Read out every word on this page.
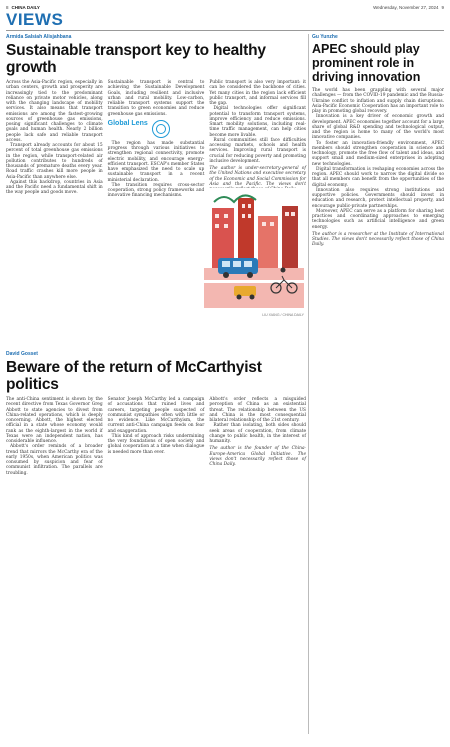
8 CHINA DAILY	Wednesday, November 27, 2024 9
VIEWS
Armida Salsiah Alisjahbana
Sustainable transport key to healthy growth

Across the Asia-Pacific region, especially in urban centers, growth and prosperity are increasingly tied to the predominant reliance on private motor vehicles, along with the changing landscape of mobility services. It also means that transport emissions are among the fastest-growing sources of greenhouse gas emissions, posing significant challenges to climate goals and human health. Nearly 2 billion people lack safe and reliable transport access.

Transport already accounts for about 15 percent of total greenhouse gas emissions in the region, while transport-related air pollution contributes to hundreds of thousands of premature deaths every year. Road traffic crashes kill more people in Asia-Pacific than anywhere else.

Against this backdrop, countries in Asia and the Pacific need a fundamental shift in the way people and goods move.

Sustainable transport is central to achieving the Sustainable Development Goals, including resilient and inclusive urban and rural mobility. Low-carbon, reliable transport systems support the transition to green economies and reduce greenhouse gas emissions.

Global Lens

The region has made substantial progress through various initiatives to strengthen regional connectivity, promote electric mobility, and encourage energy-efficient transport. ESCAP's member States have emphasized the need to scale up sustainable transport in a recent ministerial declaration.

The transition requires cross-sector cooperation, strong policy frameworks and innovative financing mechanisms.

Public transport is also very important: it can be considered the backbone of cities. Yet many cities in the region lack efficient public transport, and informal services fill the gap.

Digital technologies offer significant potential to transform transport systems, improve efficiency and reduce emissions. Smart mobility solutions, including real-time traffic management, can help cities become more livable.

Rural communities still face difficulties accessing markets, schools and health services. Improving rural transport is crucial for reducing poverty and promoting inclusive development.

The author is under-secretary-general of the United Nations and executive secretary of the Economic and Social Commission for Asia and the Pacific. The views don't

LIU XIANG / CHINA DAILY
David Gosset
Beware of the return of McCarthyist politics

The anti-China sentiment is shown by the recent directive from Texas Governor Greg Abbott to state agencies to divest from China-related operations, which is deeply concerning. Abbott, the highest elected official in a state whose economy would rank as the eighth-largest in the world if Texas were an independent nation, has considerable influence.

Abbott's order reminds of a broader trend that mirrors the McCarthy era of the early 1950s, when American politics was consumed by suspicion and fear of communist infiltration. The parallels are troubling.

Senator Joseph McCarthy led a campaign of accusations that ruined lives and careers, targeting people suspected of communist sympathies often with little or no evidence. Like McCarthyism, the current anti-China campaign feeds on fear and exaggeration.

This kind of approach risks undermining the very foundations of open society and global cooperation at a time when dialogue is needed more than ever.

Abbott's order reflects a misguided perception of China as an existential threat. The relationship between the US and China is the most consequential bilateral relationship of the 21st century.

Rather than isolating, both sides should seek areas of cooperation, from climate change to public health, in the interest of humanity.

The author is the founder of the China-Europe-America Global Initiative. The views don't necessarily reflect those of China Daily.

Gu Yunzhe
APEC should play prominent role in driving innovation

The world has been grappling with several major challenges — from the COVID-19 pandemic and the Russia-Ukraine conflict to inflation and supply chain disruptions. Asia-Pacific Economic Cooperation has an important role to play in promoting global recovery.

Innovation is a key driver of economic growth and development. APEC economies together account for a large share of global R&D spending and technological output, and the region is home to many of the world's most innovative companies.

To foster an innovation-friendly environment, APEC members should strengthen cooperation in science and technology, promote the free flow of talent and ideas, and support small and medium-sized enterprises in adopting new technologies.

Digital transformation is reshaping economies across the region. APEC should work to narrow the digital divide so that all members can benefit from the opportunities of the digital economy.

Innovation also requires strong institutions and supportive policies. Governments should invest in education and research, protect intellectual property, and encourage public-private partnerships.

Moreover, APEC can serve as a platform for sharing best practices and coordinating approaches to emerging technologies such as artificial intelligence and green energy.

The author is a researcher at the Institute of International Studies. The views don't necessarily reflect those of China Daily.
